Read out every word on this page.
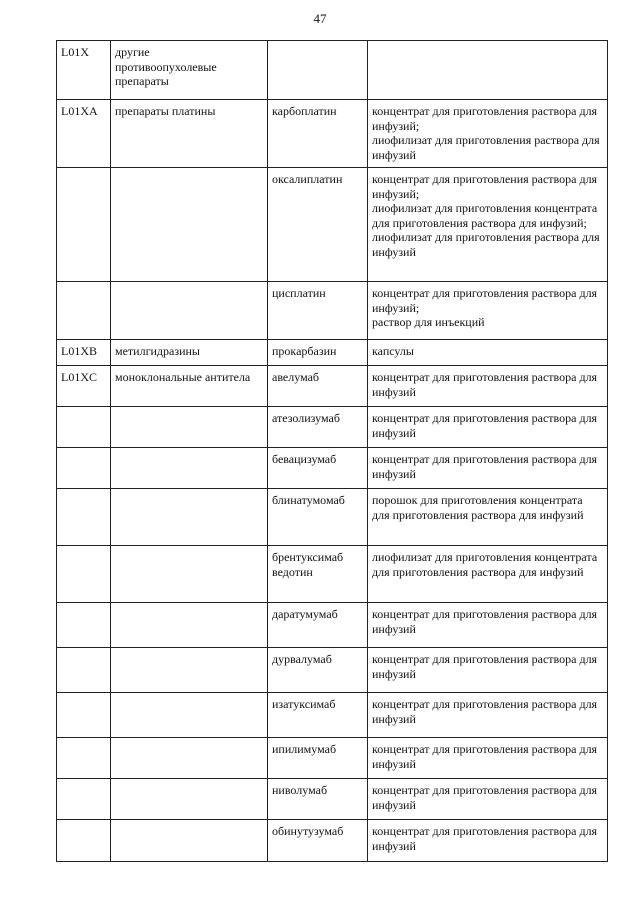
47
L01X	другие
противоопухолевые
препараты		
L01XA	препараты платины	карбоплатин	концентрат для приготовления раствора для инфузий;
лиофилизат для приготовления раствора для инфузий
		оксалиплатин	концентрат для приготовления раствора для инфузий;
лиофилизат для приготовления концентрата для приготовления раствора для инфузий;
лиофилизат для приготовления раствора для инфузий
		цисплатин	концентрат для приготовления раствора для инфузий;
раствор для инъекций
L01XB	метилгидразины	прокарбазин	капсулы
L01XC	моноклональные антитела	авелумаб	концентрат для приготовления раствора для инфузий
		атезолизумаб	концентрат для приготовления раствора для инфузий
		бевацизумаб	концентрат для приготовления раствора для инфузий
		блинатумомаб	порошок для приготовления концентрата для приготовления раствора для инфузий
		брентуксимаб ведотин	лиофилизат для приготовления концентрата для приготовления раствора для инфузий
		даратумумаб	концентрат для приготовления раствора для инфузий
		дурвалумаб	концентрат для приготовления раствора для инфузий
		изатуксимаб	концентрат для приготовления раствора для инфузий
		ипилимумаб	концентрат для приготовления раствора для инфузий
		ниволумаб	концентрат для приготовления раствора для инфузий
		обинутузумаб	концентрат для приготовления раствора для инфузий
